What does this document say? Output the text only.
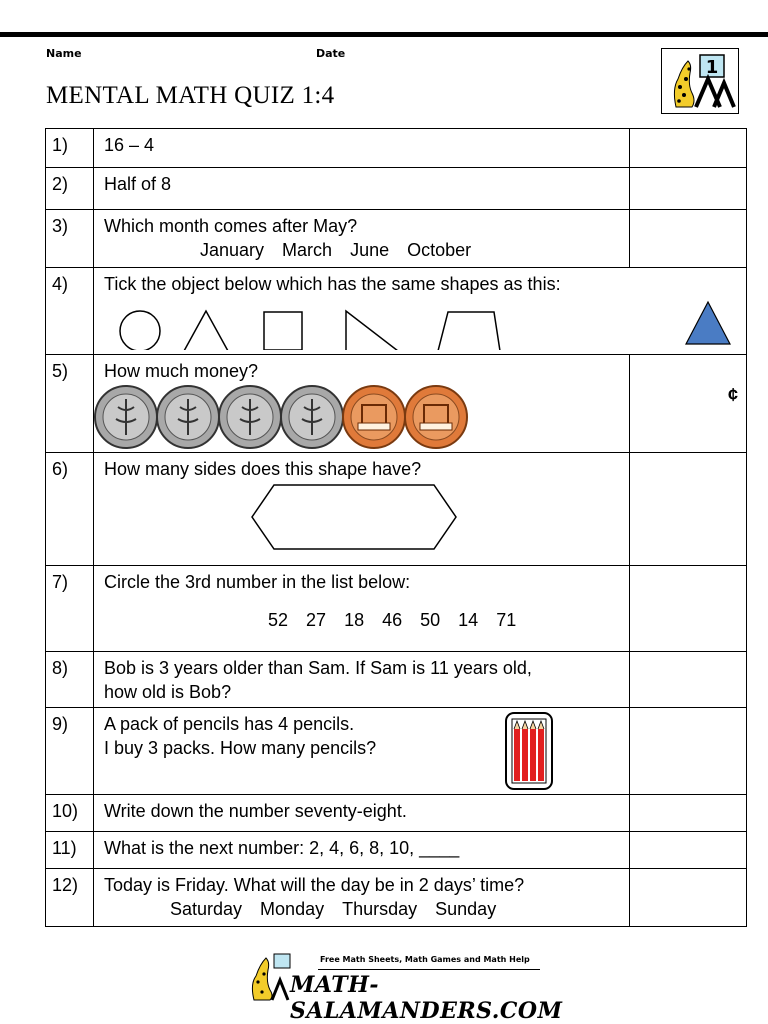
Name	Date
MENTAL MATH QUIZ 1:4
1
1)	16 – 4	
2)	Half of 8	
3)	Which month comes after May?
January March June October	

4)	Tick the object below which has the same shapes as this:	

5)	How much money?	¢

6)	How many sides does this shape have?

7)	Circle the 3rd number in the list below:
52 27 18 46 50 14 71	

8)	Bob is 3 years older than Sam. If Sam is 11 years old,
how old is Bob?	

9)	A pack of pencils has 4 pencils.
I buy 3 packs. How many pencils?	

10)	Write down the number seventy-eight.	
11)	What is the next number: 2, 4, 6, 8, 10, ____	
12)	Today is Friday. What will the day be in 2 days’ time?
Saturday Monday Thursday Sunday	

Free Math Sheets, Math Games and Math Help
MATH-SALAMANDERS.COM
